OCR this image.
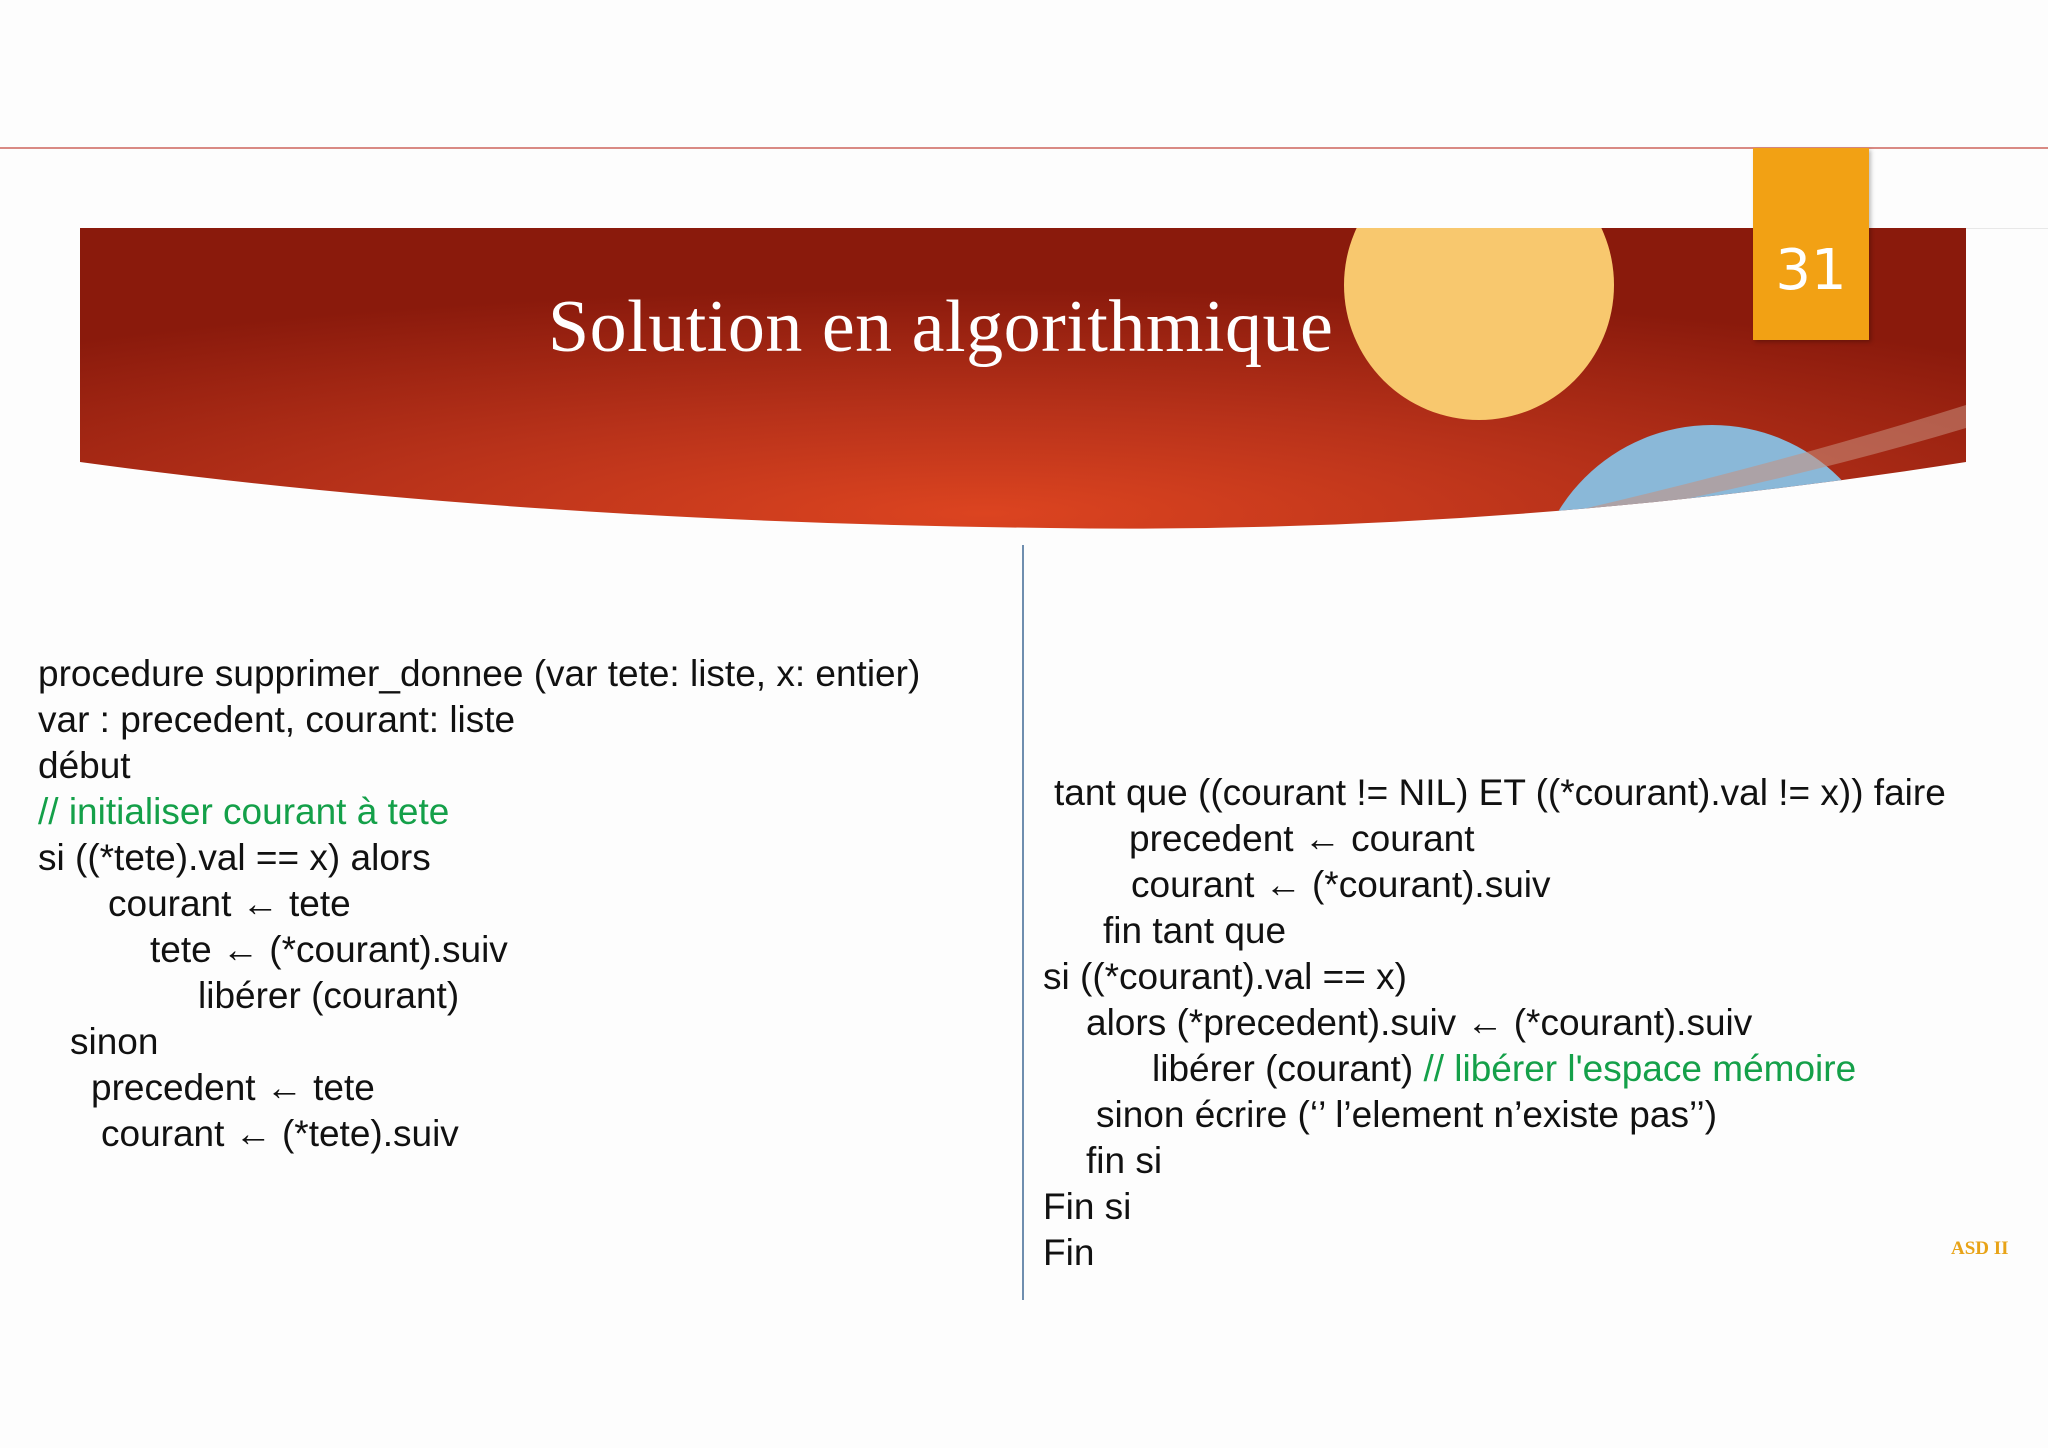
Solution en algorithmique
31
procedure supprimer_donnee (var tete: liste, x: entier)
var : precedent, courant: liste
début
// initialiser courant à tete
si ((*tete).val == x) alors
courant ← tete
tete ← (*courant).suiv
libérer (courant)
sinon
precedent ← tete
courant ← (*tete).suiv
tant que ((courant != NIL) ET ((*courant).val != x)) faire
precedent ← courant
courant ← (*courant).suiv
fin tant que
si ((*courant).val == x)
alors (*precedent).suiv ← (*courant).suiv
libérer (courant) // libérer l'espace mémoire
sinon écrire (‘’ l’element n’existe pas’’)
fin si
Fin si
Fin	ASD II
